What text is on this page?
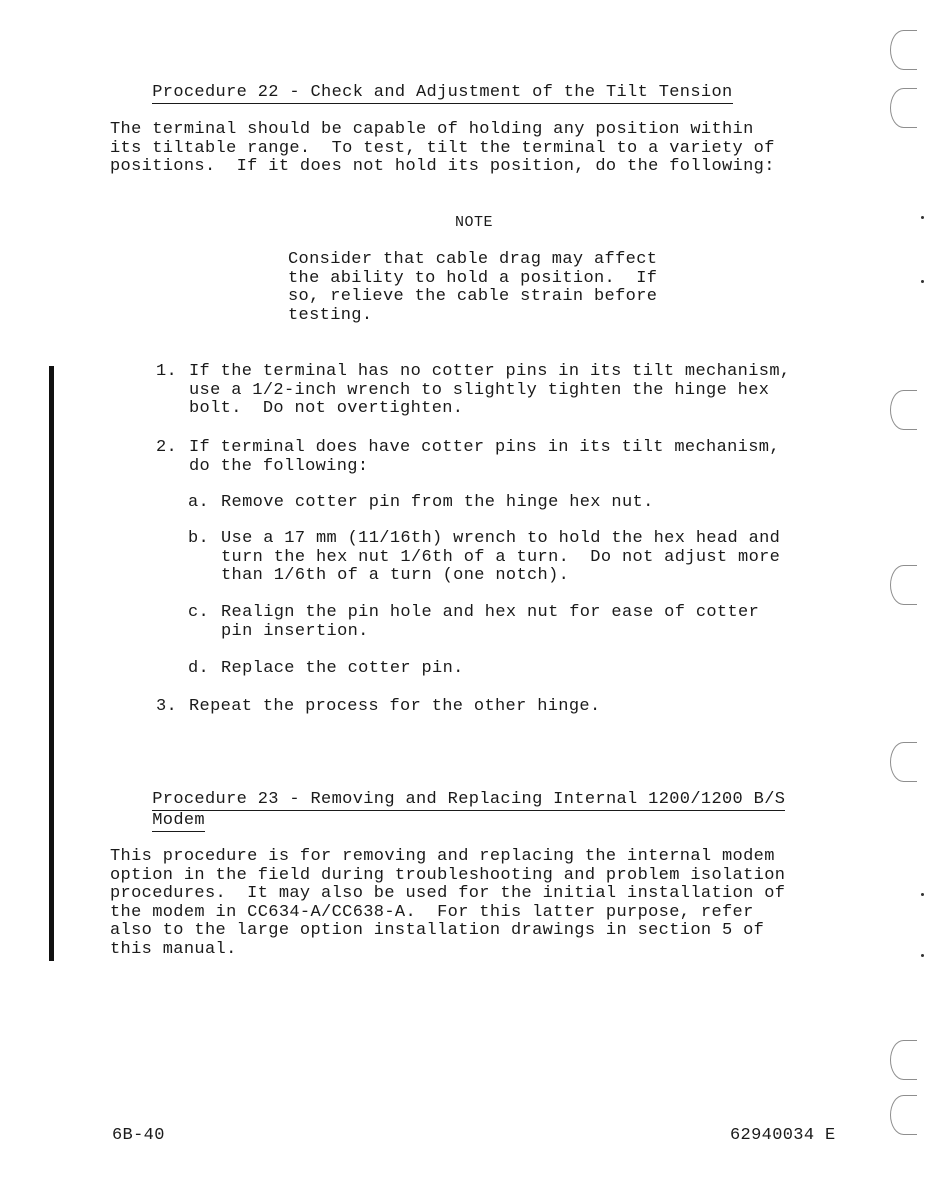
Procedure 22 - Check and Adjustment of the Tilt Tension

The terminal should be capable of holding any position within
its tiltable range.  To test, tilt the terminal to a variety of
positions.  If it does not hold its position, do the following:
NOTE
Consider that cable drag may affect
the ability to hold a position.  If
so, relieve the cable strain before
testing.
1. If the terminal has no cotter pins in its tilt mechanism,
use a 1/2-inch wrench to slightly tighten the hinge hex
bolt.  Do not overtighten.
2. If terminal does have cotter pins in its tilt mechanism,
do the following:
a. Remove cotter pin from the hinge hex nut.
b. Use a 17 mm (11/16th) wrench to hold the hex head and
turn the hex nut 1/6th of a turn.  Do not adjust more
than 1/6th of a turn (one notch).
c. Realign the pin hole and hex nut for ease of cotter
pin insertion.
d. Replace the cotter pin.
3. Repeat the process for the other hinge.

Procedure 23 - Removing and Replacing Internal 1200/1200 B/S

Modem

This procedure is for removing and replacing the internal modem
option in the field during troubleshooting and problem isolation
procedures.  It may also be used for the initial installation of
the modem in CC634-A/CC638-A.  For this latter purpose, refer
also to the large option installation drawings in section 5 of
this manual.
6B-40	62940034 E
